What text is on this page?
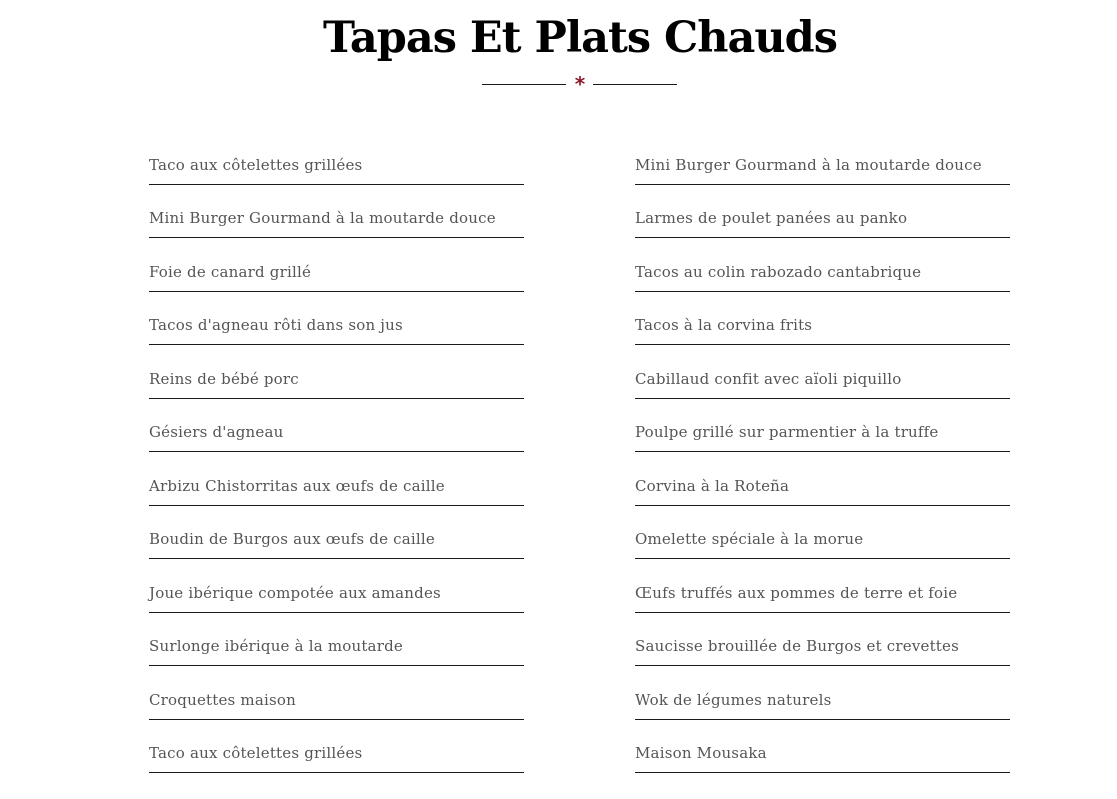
Tapas Et Plats Chauds
*
Taco aux côtelettes grillées
Mini Burger Gourmand à la moutarde douce
Foie de canard grillé
Tacos d'agneau rôti dans son jus
Reins de bébé porc
Gésiers d'agneau
Arbizu Chistorritas aux œufs de caille
Boudin de Burgos aux œufs de caille
Joue ibérique compotée aux amandes
Surlonge ibérique à la moutarde
Croquettes maison
Taco aux côtelettes grillées
Mini Burger Gourmand à la moutarde douce
Larmes de poulet panées au panko
Tacos au colin rabozado cantabrique
Tacos à la corvina frits
Cabillaud confit avec aïoli piquillo
Poulpe grillé sur parmentier à la truffe
Corvina à la Roteña
Omelette spéciale à la morue
Œufs truffés aux pommes de terre et foie
Saucisse brouillée de Burgos et crevettes
Wok de légumes naturels
Maison Mousaka
